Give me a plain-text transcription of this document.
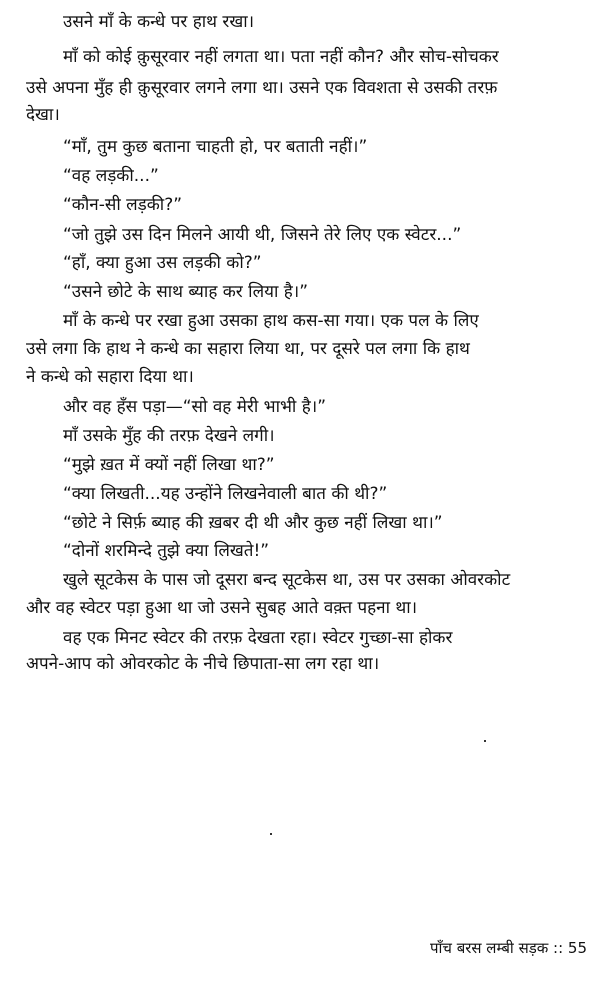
उसने माँ के कन्धे पर हाथ रखा।
माँ को कोई क़ुसूरवार नहीं लगता था। पता नहीं कौन? और सोच-सोचकर
उसे अपना मुँह ही क़ुसूरवार लगने लगा था। उसने एक विवशता से उसकी तरफ़
देखा।
“माँ, तुम कुछ बताना चाहती हो, पर बताती नहीं।”
“वह लड़की...”
“कौन-सी लड़की?”
“जो तुझे उस दिन मिलने आयी थी, जिसने तेरे लिए एक स्वेटर...”
“हाँ, क्या हुआ उस लड़की को?”
“उसने छोटे के साथ ब्याह कर लिया है।”
माँ के कन्धे पर रखा हुआ उसका हाथ कस-सा गया। एक पल के लिए
उसे लगा कि हाथ ने कन्धे का सहारा लिया था, पर दूसरे पल लगा कि हाथ
ने कन्धे को सहारा दिया था।
और वह हँस पड़ा—“सो वह मेरी भाभी है।”
माँ उसके मुँह की तरफ़ देखने लगी।
“मुझे ख़त में क्यों नहीं लिखा था?”
“क्या लिखती...यह उन्होंने लिखनेवाली बात की थी?”
“छोटे ने सिर्फ़ ब्याह की ख़बर दी थी और कुछ नहीं लिखा था।”
“दोनों शरमिन्दे तुझे क्या लिखते!”
खुले सूटकेस के पास जो दूसरा बन्द सूटकेस था, उस पर उसका ओवरकोट
और वह स्वेटर पड़ा हुआ था जो उसने सुबह आते वक़्त पहना था।
वह एक मिनट स्वेटर की तरफ़ देखता रहा। स्वेटर गुच्छा-सा होकर
अपने-आप को ओवरकोट के नीचे छिपाता-सा लग रहा था।
पाँच बरस लम्बी सड़क :: 55
